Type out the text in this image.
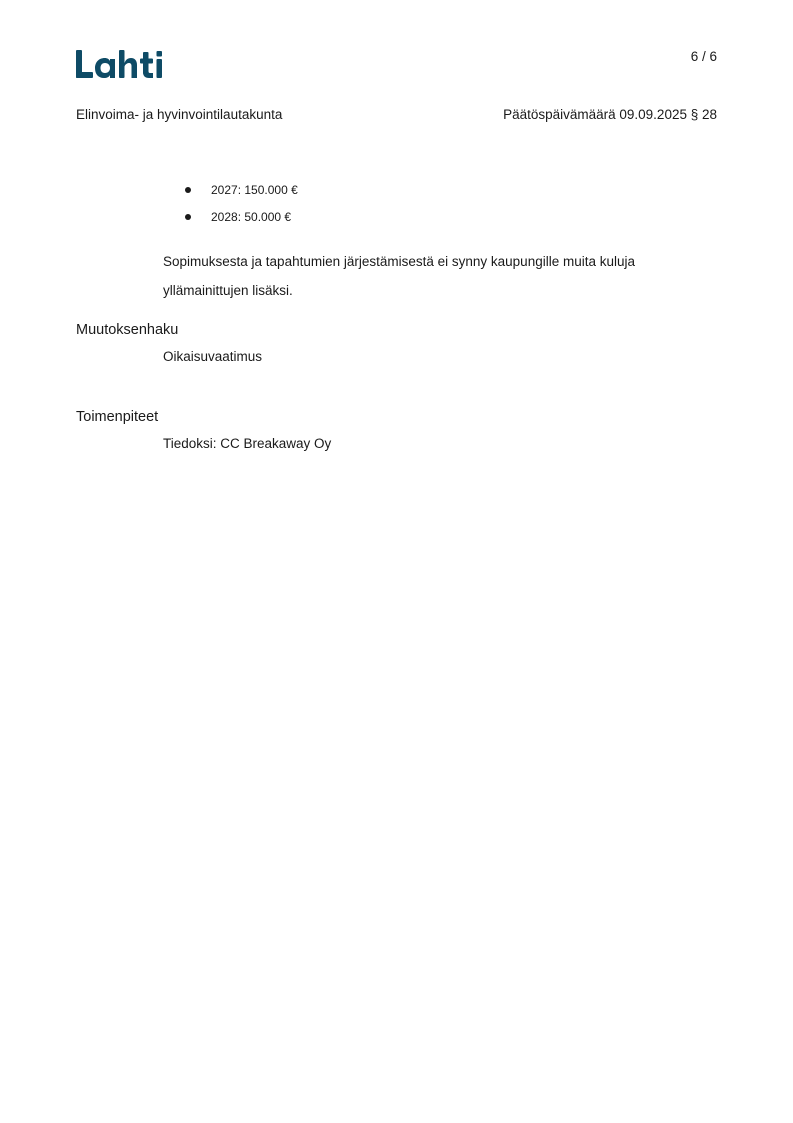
6 / 6
Elinvoima- ja hyvinvointilautakunta	Päätöspäivämäärä 09.09.2025 § 28
2027: 150.000 €
2028: 50.000 €
Sopimuksesta ja tapahtumien järjestämisestä ei synny kaupungille muita kuluja yllämainittujen lisäksi.
Muutoksenhaku
Oikaisuvaatimus
Toimenpiteet
Tiedoksi: CC Breakaway Oy
